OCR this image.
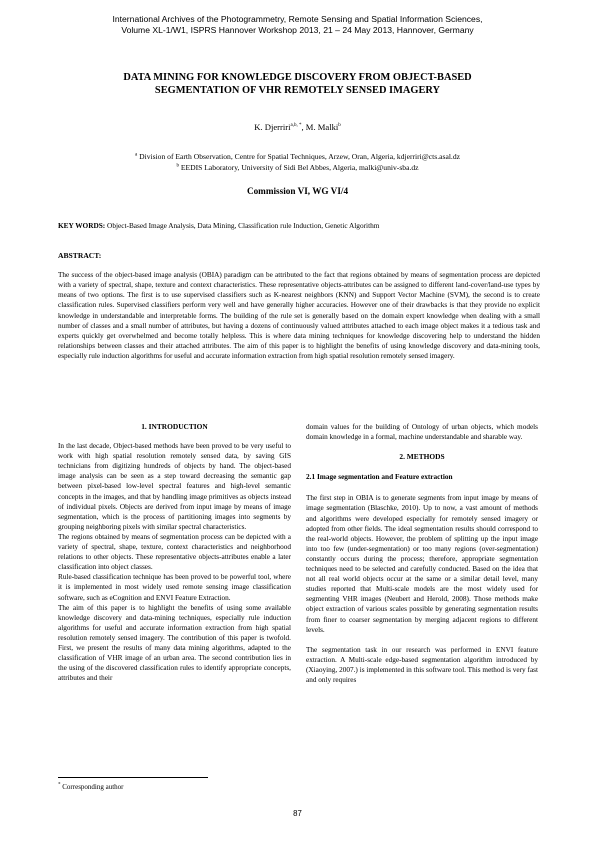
International Archives of the Photogrammetry, Remote Sensing and Spatial Information Sciences,
Volume XL-1/W1, ISPRS Hannover Workshop 2013, 21 – 24 May 2013, Hannover, Germany
DATA MINING FOR KNOWLEDGE DISCOVERY FROM OBJECT-BASED
SEGMENTATION OF VHR REMOTELY SENSED IMAGERY
K. Djerriri$^{a,b, *}$, M. Malki$^b$
$^a$ Division of Earth Observation, Centre for Spatial Techniques, Arzew, Oran, Algeria, kdjerriri@cts.asal.dz
$^b$ EEDIS Laboratory, University of Sidi Bel Abbes, Algeria, malki@univ-sba.dz
Commission VI, WG VI/4
KEY WORDS: Object-Based Image Analysis, Data Mining, Classification rule Induction, Genetic Algorithm
ABSTRACT:
The success of the object-based image analysis (OBIA) paradigm can be attributed to the fact that regions obtained by means of segmentation process are depicted with a variety of spectral, shape, texture and context characteristics. These representative objects-attributes can be assigned to different land-cover/land-use types by means of two options. The first is to use supervised classifiers such as K-nearest neighbors (KNN) and Support Vector Machine (SVM), the second is to create classification rules. Supervised classifiers perform very well and have generally higher accuracies. However one of their drawbacks is that they provide no explicit knowledge in understandable and interpretable forms. The building of the rule set is generally based on the domain expert knowledge when dealing with a small number of classes and a small number of attributes, but having a dozens of continuously valued attributes attached to each image object makes it a tedious task and experts quickly get overwhelmed and become totally helpless. This is where data mining techniques for knowledge discovering help to understand the hidden relationships between classes and their attached attributes. The aim of this paper is to highlight the benefits of using knowledge discovery and data-mining tools, especially rule induction algorithms for useful and accurate information extraction from high spatial resolution remotely sensed imagery.

1. INTRODUCTION

In the last decade, Object-based methods have been proved to be very useful to work with high spatial resolution remotely sensed data, by saving GIS technicians from digitizing hundreds of objects by hand. The object-based image analysis can be seen as a step toward decreasing the semantic gap between pixel-based low-level spectral features and high-level semantic concepts in the images, and that by handling image primitives as objects instead of individual pixels. Objects are derived from input image by means of image segmentation, which is the process of partitioning images into segments by grouping neighboring pixels with similar spectral characteristics.

The regions obtained by means of segmentation process can be depicted with a variety of spectral, shape, texture, context characteristics and neighborhood relations to other objects. These representative objects-attributes enable a later classification into object classes.

Rule-based classification technique has been proved to be powerful tool, where it is implemented in most widely used remote sensing image classification software, such as eCognition and ENVI Feature Extraction.

The aim of this paper is to highlight the benefits of using some available knowledge discovery and data-mining techniques, especially rule induction algorithms for useful and accurate information extraction from high spatial resolution remotely sensed imagery. The contribution of this paper is twofold. First, we present the results of many data mining algorithms, adapted to the classification of VHR image of an urban area. The second contribution lies in the using of the discovered classification rules to identify appropriate concepts, attributes and their

domain values for the building of Ontology of urban objects, which models domain knowledge in a formal, machine understandable and sharable way.

2. METHODS

2.1 Image segmentation and Feature extraction

The first step in OBIA is to generate segments from input image by means of image segmentation (Blaschke, 2010). Up to now, a vast amount of methods and algorithms were developed especially for remotely sensed imagery or adopted from other fields. The ideal segmentation results should correspond to the real-world objects. However, the problem of splitting up the input image into too few (under-segmentation) or too many regions (over-segmentation) constantly occurs during the process; therefore, appropriate segmentation techniques need to be selected and carefully conducted. Based on the idea that not all real world objects occur at the same or a similar detail level, many studies reported that Multi-scale models are the most widely used for segmenting VHR images (Neubert and Herold, 2008). Those methods make object extraction of various scales possible by generating segmentation results from finer to coarser segmentation by merging adjacent regions to different levels.

The segmentation task in our research was performed in ENVI feature extraction. A Multi-scale edge-based segmentation algorithm introduced by (Xiaoying, 2007.) is implemented in this software tool. This method is very fast and only requires

* Corresponding author
87
